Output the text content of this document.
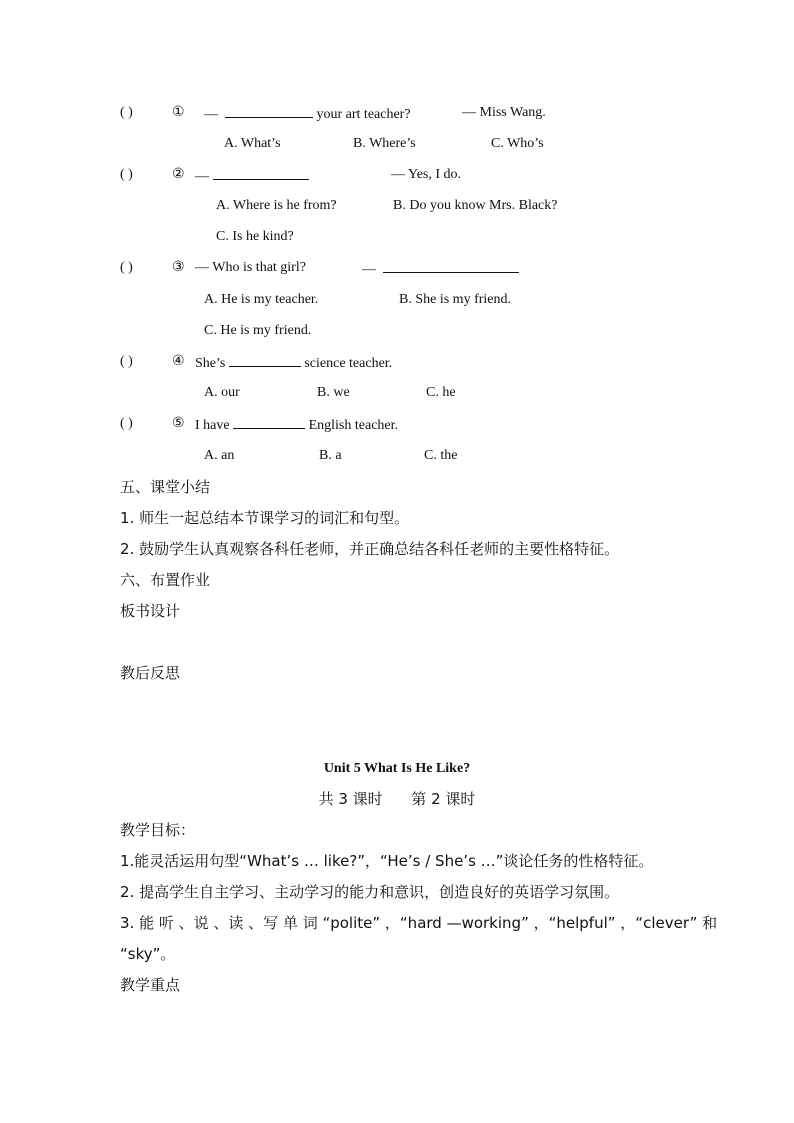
( )	① —	your art teacher?	— Miss Wang.
A. What’s	B. Where’s	C. Who’s
( )	② —	— Yes, I do.
A. Where is he from?	B. Do you know Mrs. Black?
C. Is he kind?
( )	③ — Who is that girl?	—
A. He is my teacher.	B. She is my friend.
C. He is my friend.
( )	④ She’s	science teacher.
A. our	B. we	C. he
( )	⑤ I have	English teacher.
A. an	B. a	C. the
五、课堂小结
1. 师生一起总结本节课学习的词汇和句型。
2. 鼓励学生认真观察各科任老师，并正确总结各科任老师的主要性格特征。
六、布置作业
板书设计
教后反思
Unit 5 What Is He Like?
共 3 课时 第 2 课时
教学目标：
1.能灵活运用句型“What’s … like?”，“He’s / She’s …”谈论任务的性格特征。
2. 提高学生自主学习、主动学习的能力和意识，创造良好的英语学习氛围。
3. 能 听 、说 、读 、写 单 词 “polite” ，“hard —working” ，“helpful” ，“clever” 和
“sky”。
教学重点
